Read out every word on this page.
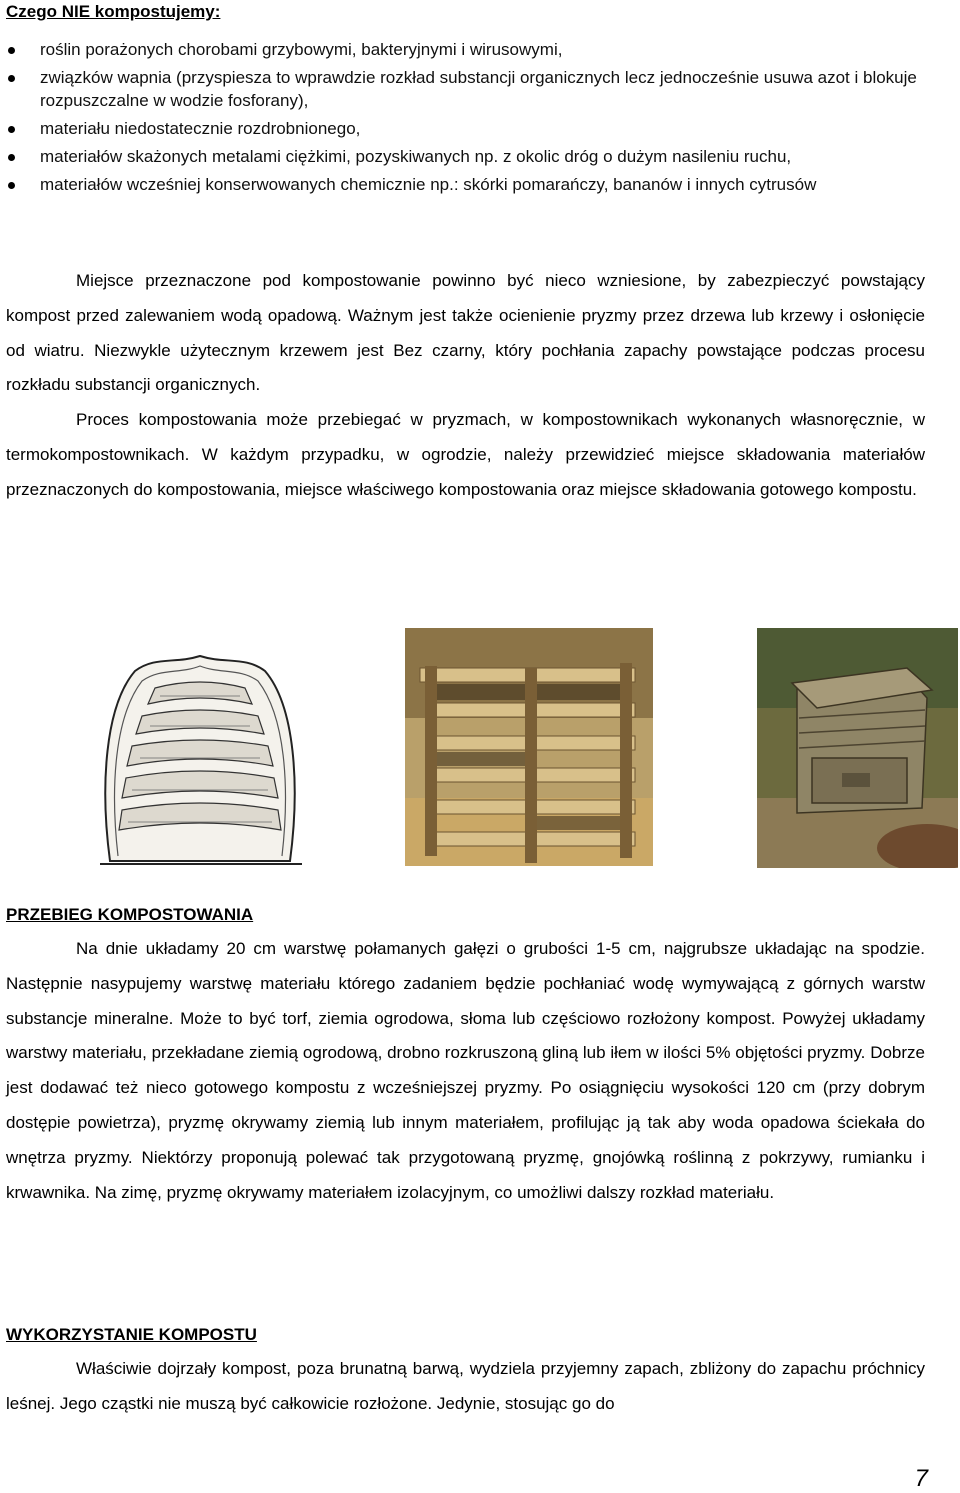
Czego NIE kompostujemy:
roślin porażonych chorobami grzybowymi, bakteryjnymi i wirusowymi,
związków wapnia (przyspiesza to wprawdzie rozkład substancji organicznych lecz jednocześnie usuwa azot i blokuje rozpuszczalne w wodzie fosforany),
materiału niedostatecznie rozdrobnionego,
materiałów skażonych metalami ciężkimi, pozyskiwanych np. z okolic dróg o dużym nasileniu ruchu,
materiałów wcześniej konserwowanych chemicznie np.: skórki pomarańczy, bananów i innych cytrusów

Miejsce przeznaczone pod kompostowanie powinno być nieco wzniesione, by zabezpieczyć powstający kompost przed zalewaniem wodą opadową. Ważnym jest także ocienienie pryzmy przez drzewa lub krzewy i osłonięcie od wiatru. Niezwykle użytecznym krzewem jest Bez czarny, który pochłania zapachy powstające podczas procesu rozkładu substancji organicznych.

Proces kompostowania może przebiegać w pryzmach, w kompostownikach wykonanych własnoręcznie, w termokompostownikach. W każdym przypadku, w ogrodzie, należy przewidzieć miejsce składowania materiałów przeznaczonych do kompostowania, miejsce właściwego kompostowania oraz miejsce składowania gotowego kompostu.

PRZEBIEG KOMPOSTOWANIA

Na dnie układamy 20 cm warstwę połamanych gałęzi o grubości 1-5 cm, najgrubsze układając na spodzie. Następnie nasypujemy warstwę materiału którego zadaniem będzie pochłaniać wodę wymywającą z górnych warstw substancje mineralne. Może to być torf, ziemia ogrodowa, słoma lub częściowo rozłożony kompost. Powyżej układamy warstwy materiału, przekładane ziemią ogrodową, drobno rozkruszoną gliną lub iłem w ilości 5% objętości pryzmy. Dobrze jest dodawać też nieco gotowego kompostu z wcześniejszej pryzmy. Po osiągnięciu wysokości 120 cm (przy dobrym dostępie powietrza), pryzmę okrywamy ziemią lub innym materiałem, profilując ją tak aby woda opadowa ściekała do wnętrza pryzmy. Niektórzy proponują polewać tak przygotowaną pryzmę, gnojówką roślinną z pokrzywy, rumianku i krwawnika. Na zimę, pryzmę okrywamy materiałem izolacyjnym, co umożliwi dalszy rozkład materiału.

WYKORZYSTANIE KOMPOSTU

Właściwie dojrzały kompost, poza brunatną barwą, wydziela przyjemny zapach, zbliżony do zapachu próchnicy leśnej. Jego cząstki nie muszą być całkowicie rozłożone. Jedynie, stosując go do

7
